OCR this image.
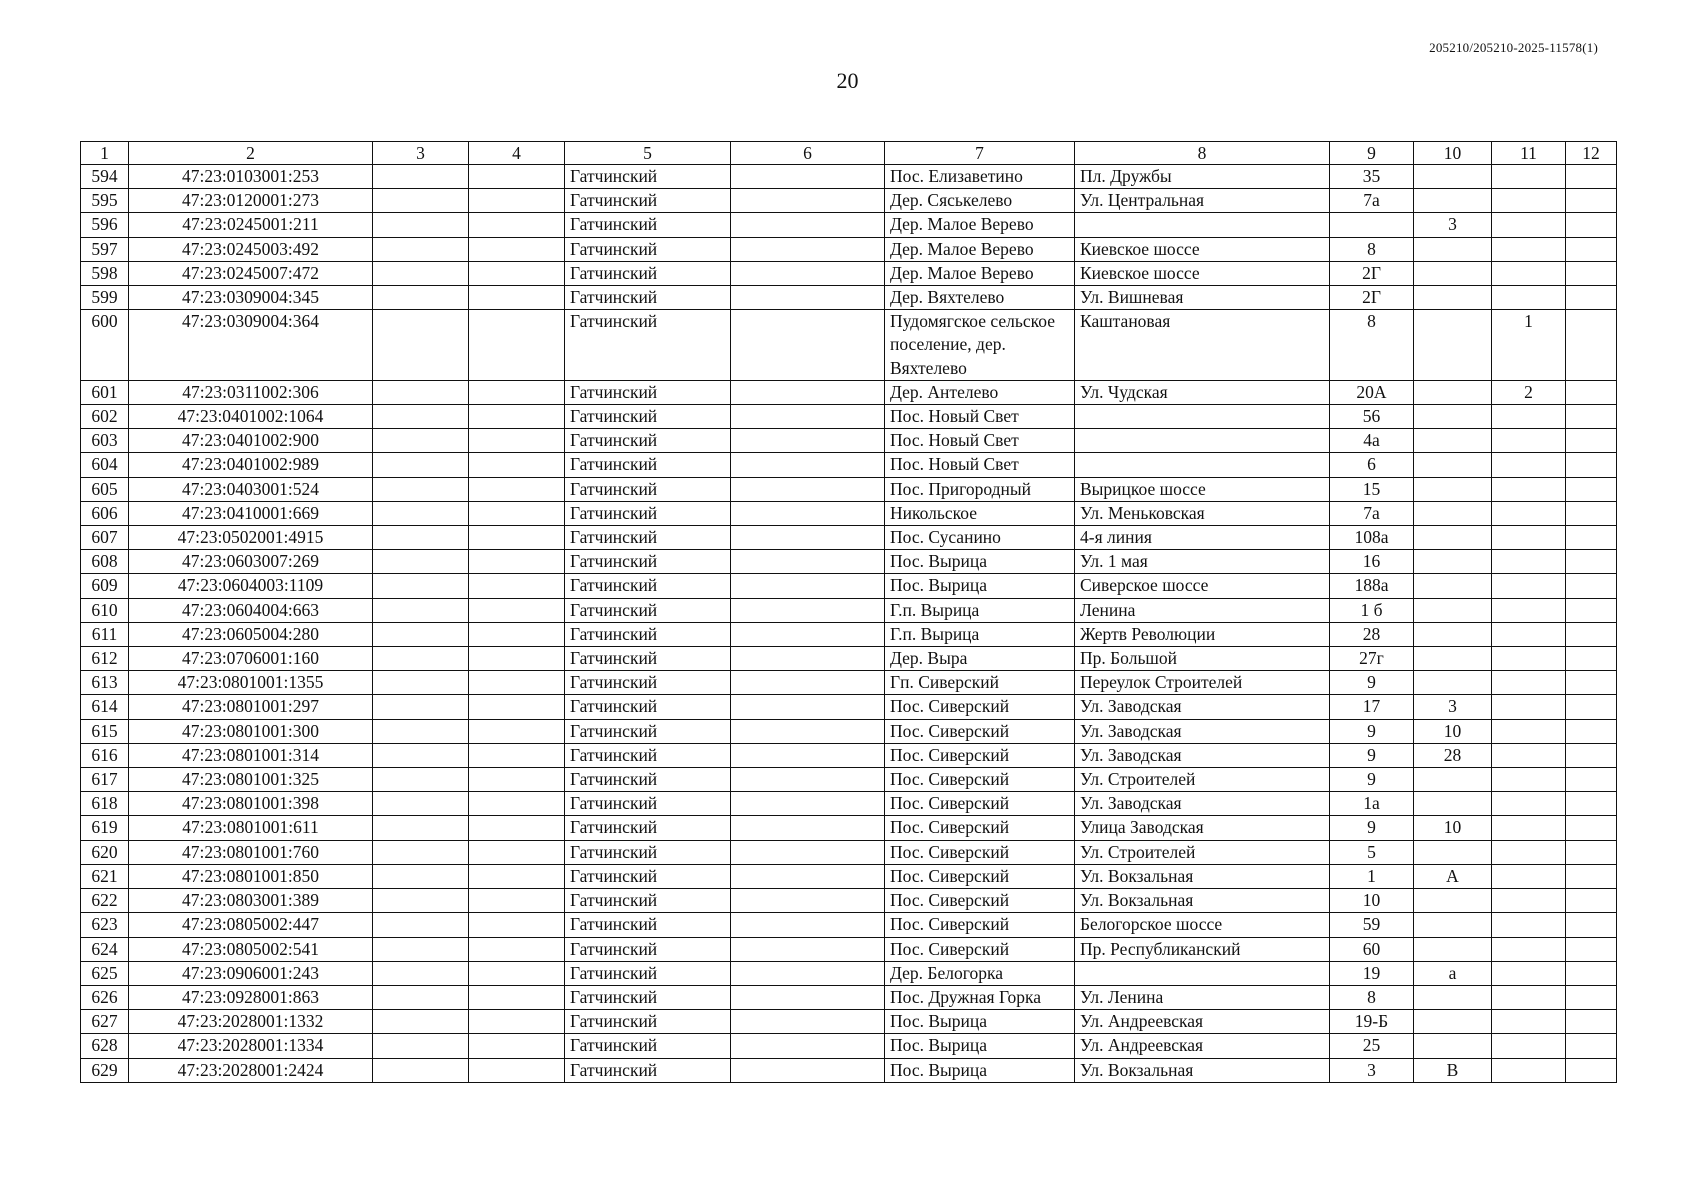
205210/205210-2025-11578(1)
20
1	2	3	4	5	6	7	8	9	10	11	12
594	47:23:0103001:253			Гатчинский		Пос. Елизаветино	Пл. Дружбы	35			
595	47:23:0120001:273			Гатчинский		Дер. Сяськелево	Ул. Центральная	7а			
596	47:23:0245001:211			Гатчинский		Дер. Малое Верево			3		
597	47:23:0245003:492			Гатчинский		Дер. Малое Верево	Киевское шоссе	8			
598	47:23:0245007:472			Гатчинский		Дер. Малое Верево	Киевское шоссе	2Г			
599	47:23:0309004:345			Гатчинский		Дер. Вяхтелево	Ул. Вишневая	2Г			
600	47:23:0309004:364			Гатчинский		Пудомягское сельское поселение, дер. Вяхтелево	Каштановая	8		1	
601	47:23:0311002:306			Гатчинский		Дер. Антелево	Ул. Чудская	20А		2	
602	47:23:0401002:1064			Гатчинский		Пос. Новый Свет		56			
603	47:23:0401002:900			Гатчинский		Пос. Новый Свет		4а			
604	47:23:0401002:989			Гатчинский		Пос. Новый Свет		6			
605	47:23:0403001:524			Гатчинский		Пос. Пригородный	Вырицкое шоссе	15			
606	47:23:0410001:669			Гатчинский		Никольское	Ул. Меньковская	7а			
607	47:23:0502001:4915			Гатчинский		Пос. Сусанино	4-я линия	108а			
608	47:23:0603007:269			Гатчинский		Пос. Вырица	Ул. 1 мая	16			
609	47:23:0604003:1109			Гатчинский		Пос. Вырица	Сиверское шоссе	188а			
610	47:23:0604004:663			Гатчинский		Г.п. Вырица	Ленина	1 б			
611	47:23:0605004:280			Гатчинский		Г.п. Вырица	Жертв Революции	28			
612	47:23:0706001:160			Гатчинский		Дер. Выра	Пр. Большой	27г			
613	47:23:0801001:1355			Гатчинский		Гп. Сиверский	Переулок Строителей	9			
614	47:23:0801001:297			Гатчинский		Пос. Сиверский	Ул. Заводская	17	3		
615	47:23:0801001:300			Гатчинский		Пос. Сиверский	Ул. Заводская	9	10		
616	47:23:0801001:314			Гатчинский		Пос. Сиверский	Ул. Заводская	9	28		
617	47:23:0801001:325			Гатчинский		Пос. Сиверский	Ул. Строителей	9			
618	47:23:0801001:398			Гатчинский		Пос. Сиверский	Ул. Заводская	1а			
619	47:23:0801001:611			Гатчинский		Пос. Сиверский	Улица Заводская	9	10		
620	47:23:0801001:760			Гатчинский		Пос. Сиверский	Ул. Строителей	5			
621	47:23:0801001:850			Гатчинский		Пос. Сиверский	Ул. Вокзальная	1	А		
622	47:23:0803001:389			Гатчинский		Пос. Сиверский	Ул. Вокзальная	10			
623	47:23:0805002:447			Гатчинский		Пос. Сиверский	Белогорское шоссе	59			
624	47:23:0805002:541			Гатчинский		Пос. Сиверский	Пр. Республиканский	60			
625	47:23:0906001:243			Гатчинский		Дер. Белогорка		19	а		
626	47:23:0928001:863			Гатчинский		Пос. Дружная Горка	Ул. Ленина	8			
627	47:23:2028001:1332			Гатчинский		Пос. Вырица	Ул. Андреевская	19-Б			
628	47:23:2028001:1334			Гатчинский		Пос. Вырица	Ул. Андреевская	25			
629	47:23:2028001:2424			Гатчинский		Пос. Вырица	Ул. Вокзальная	3	В		
